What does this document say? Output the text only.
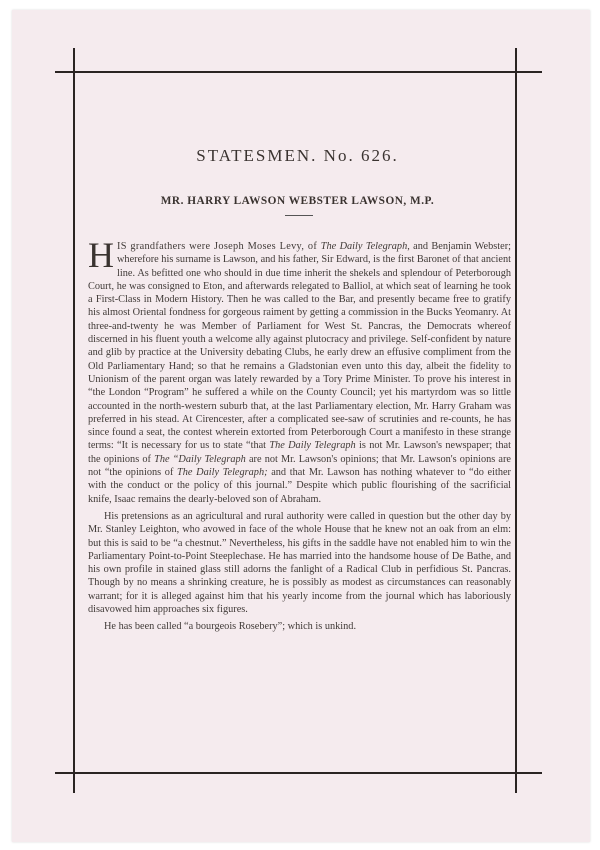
STATESMEN. No. 626.
MR. HARRY LAWSON WEBSTER LAWSON, M.P.

HIS grandfathers were Joseph Moses Levy, of The Daily Telegraph, and Benjamin Webster; wherefore his surname is Lawson, and his father, Sir Edward, is the first Baronet of that ancient line. As befitted one who should in due time inherit the shekels and splendour of Peterborough Court, he was consigned to Eton, and afterwards relegated to Balliol, at which seat of learning he took a First-Class in Modern History. Then he was called to the Bar, and presently became free to gratify his almost Oriental fondness for gorgeous raiment by getting a commission in the Bucks Yeomanry. At three-and-twenty he was Member of Parliament for West St. Pancras, the Democrats whereof discerned in his fluent youth a welcome ally against plutocracy and privilege. Self-confident by nature and glib by practice at the University debating Clubs, he early drew an effusive compliment from the Old Parliamentary Hand; so that he remains a Gladstonian even unto this day, albeit the fidelity to Unionism of the parent organ was lately rewarded by a Tory Prime Minister. To prove his interest in “the London “Program” he suffered a while on the County Council; yet his martyrdom was so little accounted in the north-western suburb that, at the last Parliamentary election, Mr. Harry Graham was preferred in his stead. At Cirencester, after a complicated see-saw of scrutinies and re-counts, he has since found a seat, the contest wherein extorted from Peterborough Court a manifesto in these strange terms: “It is necessary for us to state “that The Daily Telegraph is not Mr. Lawson's newspaper; that the opinions of The “Daily Telegraph are not Mr. Lawson's opinions; that Mr. Lawson's opinions are not “the opinions of The Daily Telegraph; and that Mr. Lawson has nothing whatever to “do either with the conduct or the policy of this journal.” Despite which public flourishing of the sacrificial knife, Isaac remains the dearly-beloved son of Abraham.

His pretensions as an agricultural and rural authority were called in question but the other day by Mr. Stanley Leighton, who avowed in face of the whole House that he knew not an oak from an elm: but this is said to be “a chestnut.” Nevertheless, his gifts in the saddle have not enabled him to win the Parliamentary Point-to-Point Steeplechase. He has married into the handsome house of De Bathe, and his own profile in stained glass still adorns the fanlight of a Radical Club in perfidious St. Pancras. Though by no means a shrinking creature, he is possibly as modest as circumstances can reasonably warrant; for it is alleged against him that his yearly income from the journal which has laboriously disavowed him approaches six figures.

He has been called “a bourgeois Rosebery”; which is unkind.
